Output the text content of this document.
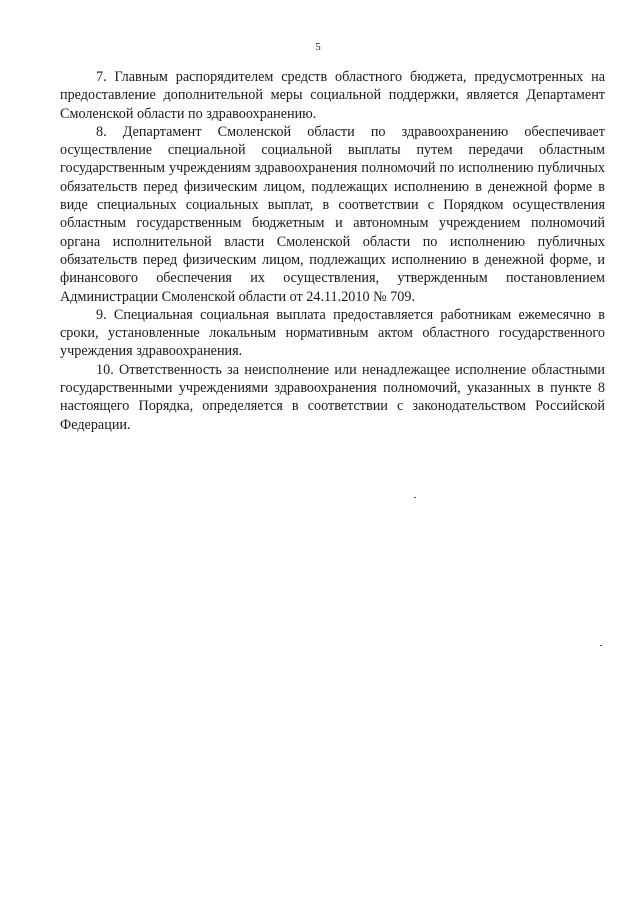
5

7. Главным распорядителем средств областного бюджета, предусмотренных на предоставление дополнительной меры социальной поддержки, является Департамент Смоленской области по здравоохранению.

8. Департамент Смоленской области по здравоохранению обеспечивает осуществление специальной социальной выплаты путем передачи областным государственным учреждениям здравоохранения полномочий по исполнению публичных обязательств перед физическим лицом, подлежащих исполнению в денежной форме в виде специальных социальных выплат, в соответствии с Порядком осуществления областным государственным бюджетным и автономным учреждением полномочий органа исполнительной власти Смоленской области по исполнению публичных обязательств перед физическим лицом, подлежащих исполнению в денежной форме, и финансового обеспечения их осуществления, утвержденным постановлением Администрации Смоленской области от 24.11.2010 № 709.

9. Специальная социальная выплата предоставляется работникам ежемесячно в сроки, установленные локальным нормативным актом областного государственного учреждения здравоохранения.

10. Ответственность за неисполнение или ненадлежащее исполнение областными государственными учреждениями здравоохранения полномочий, указанных в пункте 8 настоящего Порядка, определяется в соответствии с законодательством Российской Федерации.
